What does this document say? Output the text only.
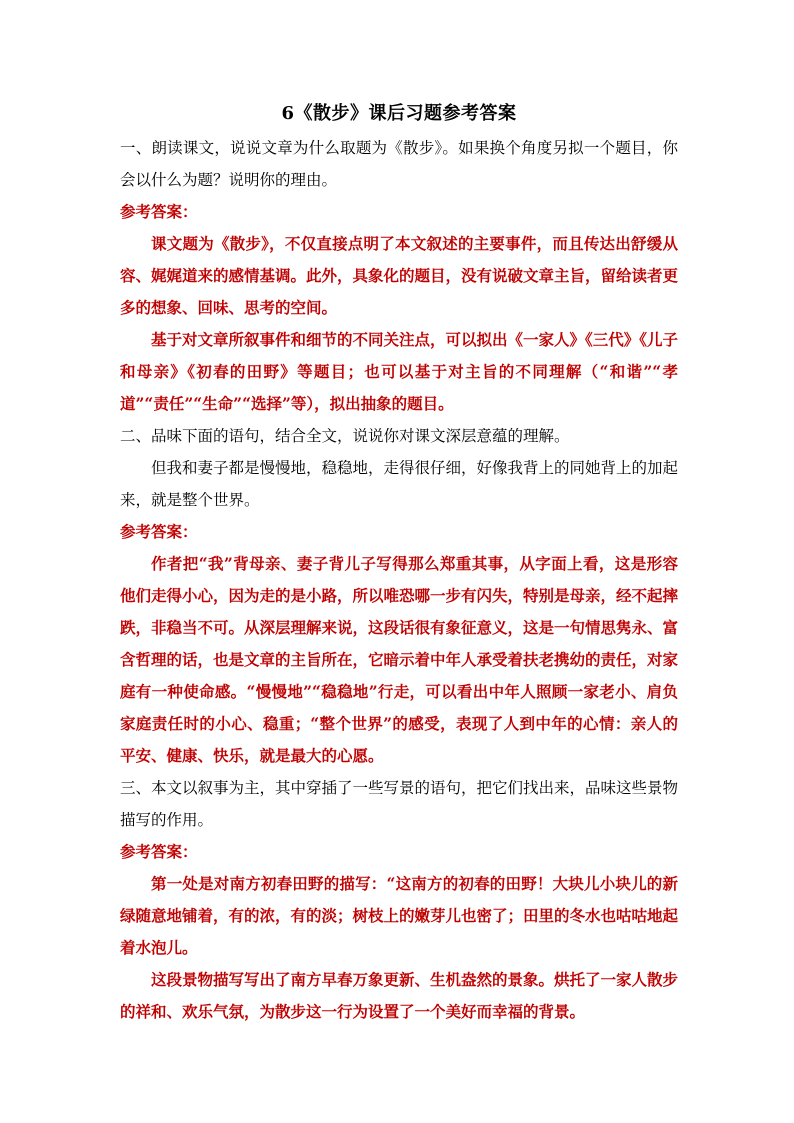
6《散步》课后习题参考答案

一、朗读课文，说说文章为什么取题为《散步》。如果换个角度另拟一个题目，你会以什么为题？说明你的理由。

参考答案：

课文题为《散步》，不仅直接点明了本文叙述的主要事件，而且传达出舒缓从容、娓娓道来的感情基调。此外，具象化的题目，没有说破文章主旨，留给读者更多的想象、回味、思考的空间。

基于对文章所叙事件和细节的不同关注点，可以拟出《一家人》《三代》《儿子和母亲》《初春的田野》等题目；也可以基于对主旨的不同理解（“和谐”“孝道”“责任”“生命”“选择”等），拟出抽象的题目。

二、品味下面的语句，结合全文，说说你对课文深层意蕴的理解。

但我和妻子都是慢慢地，稳稳地，走得很仔细，好像我背上的同她背上的加起来，就是整个世界。

参考答案：

作者把“我”背母亲、妻子背儿子写得那么郑重其事，从字面上看，这是形容他们走得小心，因为走的是小路，所以唯恐哪一步有闪失，特别是母亲，经不起摔跌，非稳当不可。从深层理解来说，这段话很有象征意义，这是一句情思隽永、富含哲理的话，也是文章的主旨所在，它暗示着中年人承受着扶老携幼的责任，对家庭有一种使命感。“慢慢地”“稳稳地”行走，可以看出中年人照顾一家老小、肩负家庭责任时的小心、稳重；“整个世界”的感受，表现了人到中年的心情：亲人的平安、健康、快乐，就是最大的心愿。

三、本文以叙事为主，其中穿插了一些写景的语句，把它们找出来，品味这些景物描写的作用。

参考答案：

第一处是对南方初春田野的描写：“这南方的初春的田野！大块儿小块儿的新绿随意地铺着，有的浓，有的淡；树枝上的嫩芽儿也密了；田里的冬水也咕咕地起着水泡儿。

这段景物描写写出了南方早春万象更新、生机盎然的景象。烘托了一家人散步的祥和、欢乐气氛，为散步这一行为设置了一个美好而幸福的背景。
